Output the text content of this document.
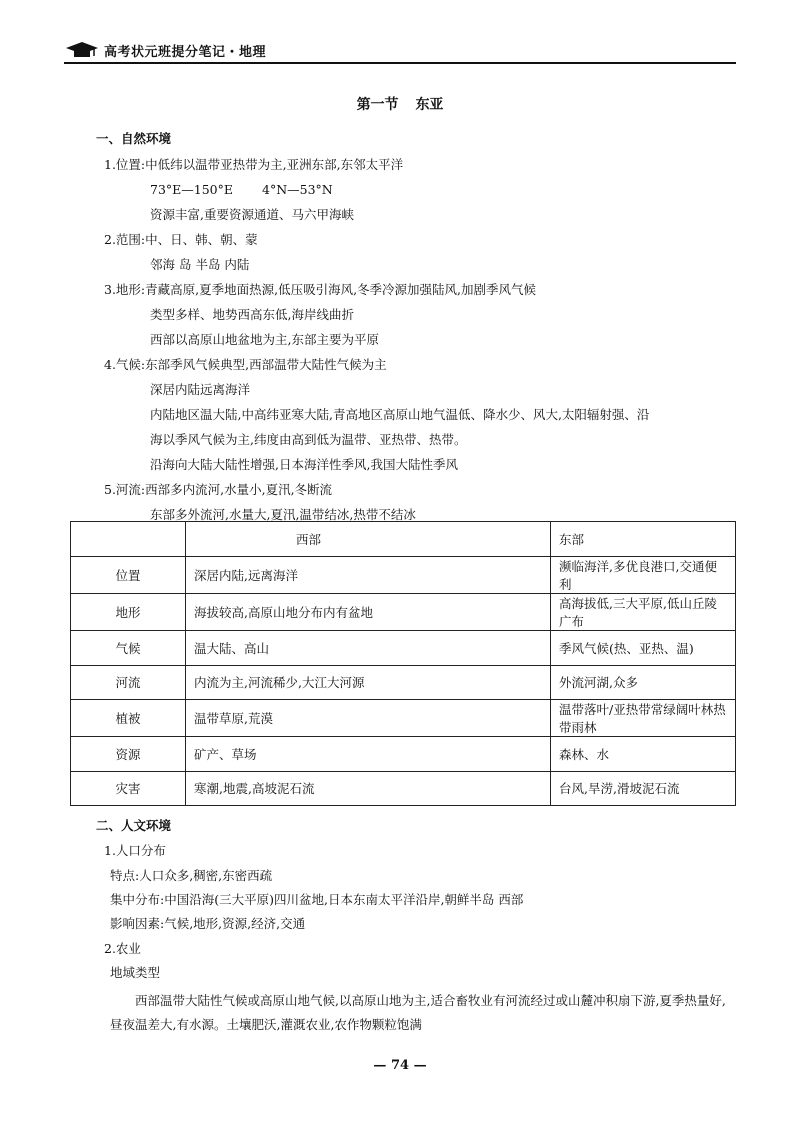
高考状元班提分笔记・地理
第一节 东亚
一、自然环境
1.位置:中低纬以温带亚热带为主,亚洲东部,东邻太平洋
73°E—150°E 4°N—53°N
资源丰富,重要资源通道、马六甲海峡
2.范围:中、日、韩、朝、蒙
邻海 岛 半岛 内陆
3.地形:青藏高原,夏季地面热源,低压吸引海风,冬季冷源加强陆风,加剧季风气候
类型多样、地势西高东低,海岸线曲折
西部以高原山地盆地为主,东部主要为平原
4.气候:东部季风气候典型,西部温带大陆性气候为主
深居内陆远离海洋
内陆地区温大陆,中高纬亚寒大陆,青高地区高原山地气温低、降水少、风大,太阳辐射强、沿
海以季风气候为主,纬度由高到低为温带、亚热带、热带。
沿海向大陆大陆性增强,日本海洋性季风,我国大陆性季风
5.河流:西部多内流河,水量小,夏汛,冬断流
东部多外流河,水量大,夏汛,温带结冰,热带不结冰
	西部	东部
位置	深居内陆,远离海洋	濒临海洋,多优良港口,交通便利
地形	海拔较高,高原山地分布内有盆地	高海拔低,三大平原,低山丘陵广布
气候	温大陆、高山	季风气候(热、亚热、温)
河流	内流为主,河流稀少,大江大河源	外流河湖,众多
植被	温带草原,荒漠	温带落叶/亚热带常绿阔叶林热带雨林
资源	矿产、草场	森林、水
灾害	寒潮,地震,高坡泥石流	台风,旱涝,滑坡泥石流
二、人文环境
1.人口分布
特点:人口众多,稠密,东密西疏
集中分布:中国沿海(三大平原)四川盆地,日本东南太平洋沿岸,朝鲜半岛 西部
影响因素:气候,地形,资源,经济,交通
2.农业
地域类型
西部温带大陆性气候或高原山地气候,以高原山地为主,适合畜牧业有河流经过或山麓冲积扇下游,夏季热量好,昼夜温差大,有水源。土壤肥沃,灌溉农业,农作物颗粒饱满
— 74 —
